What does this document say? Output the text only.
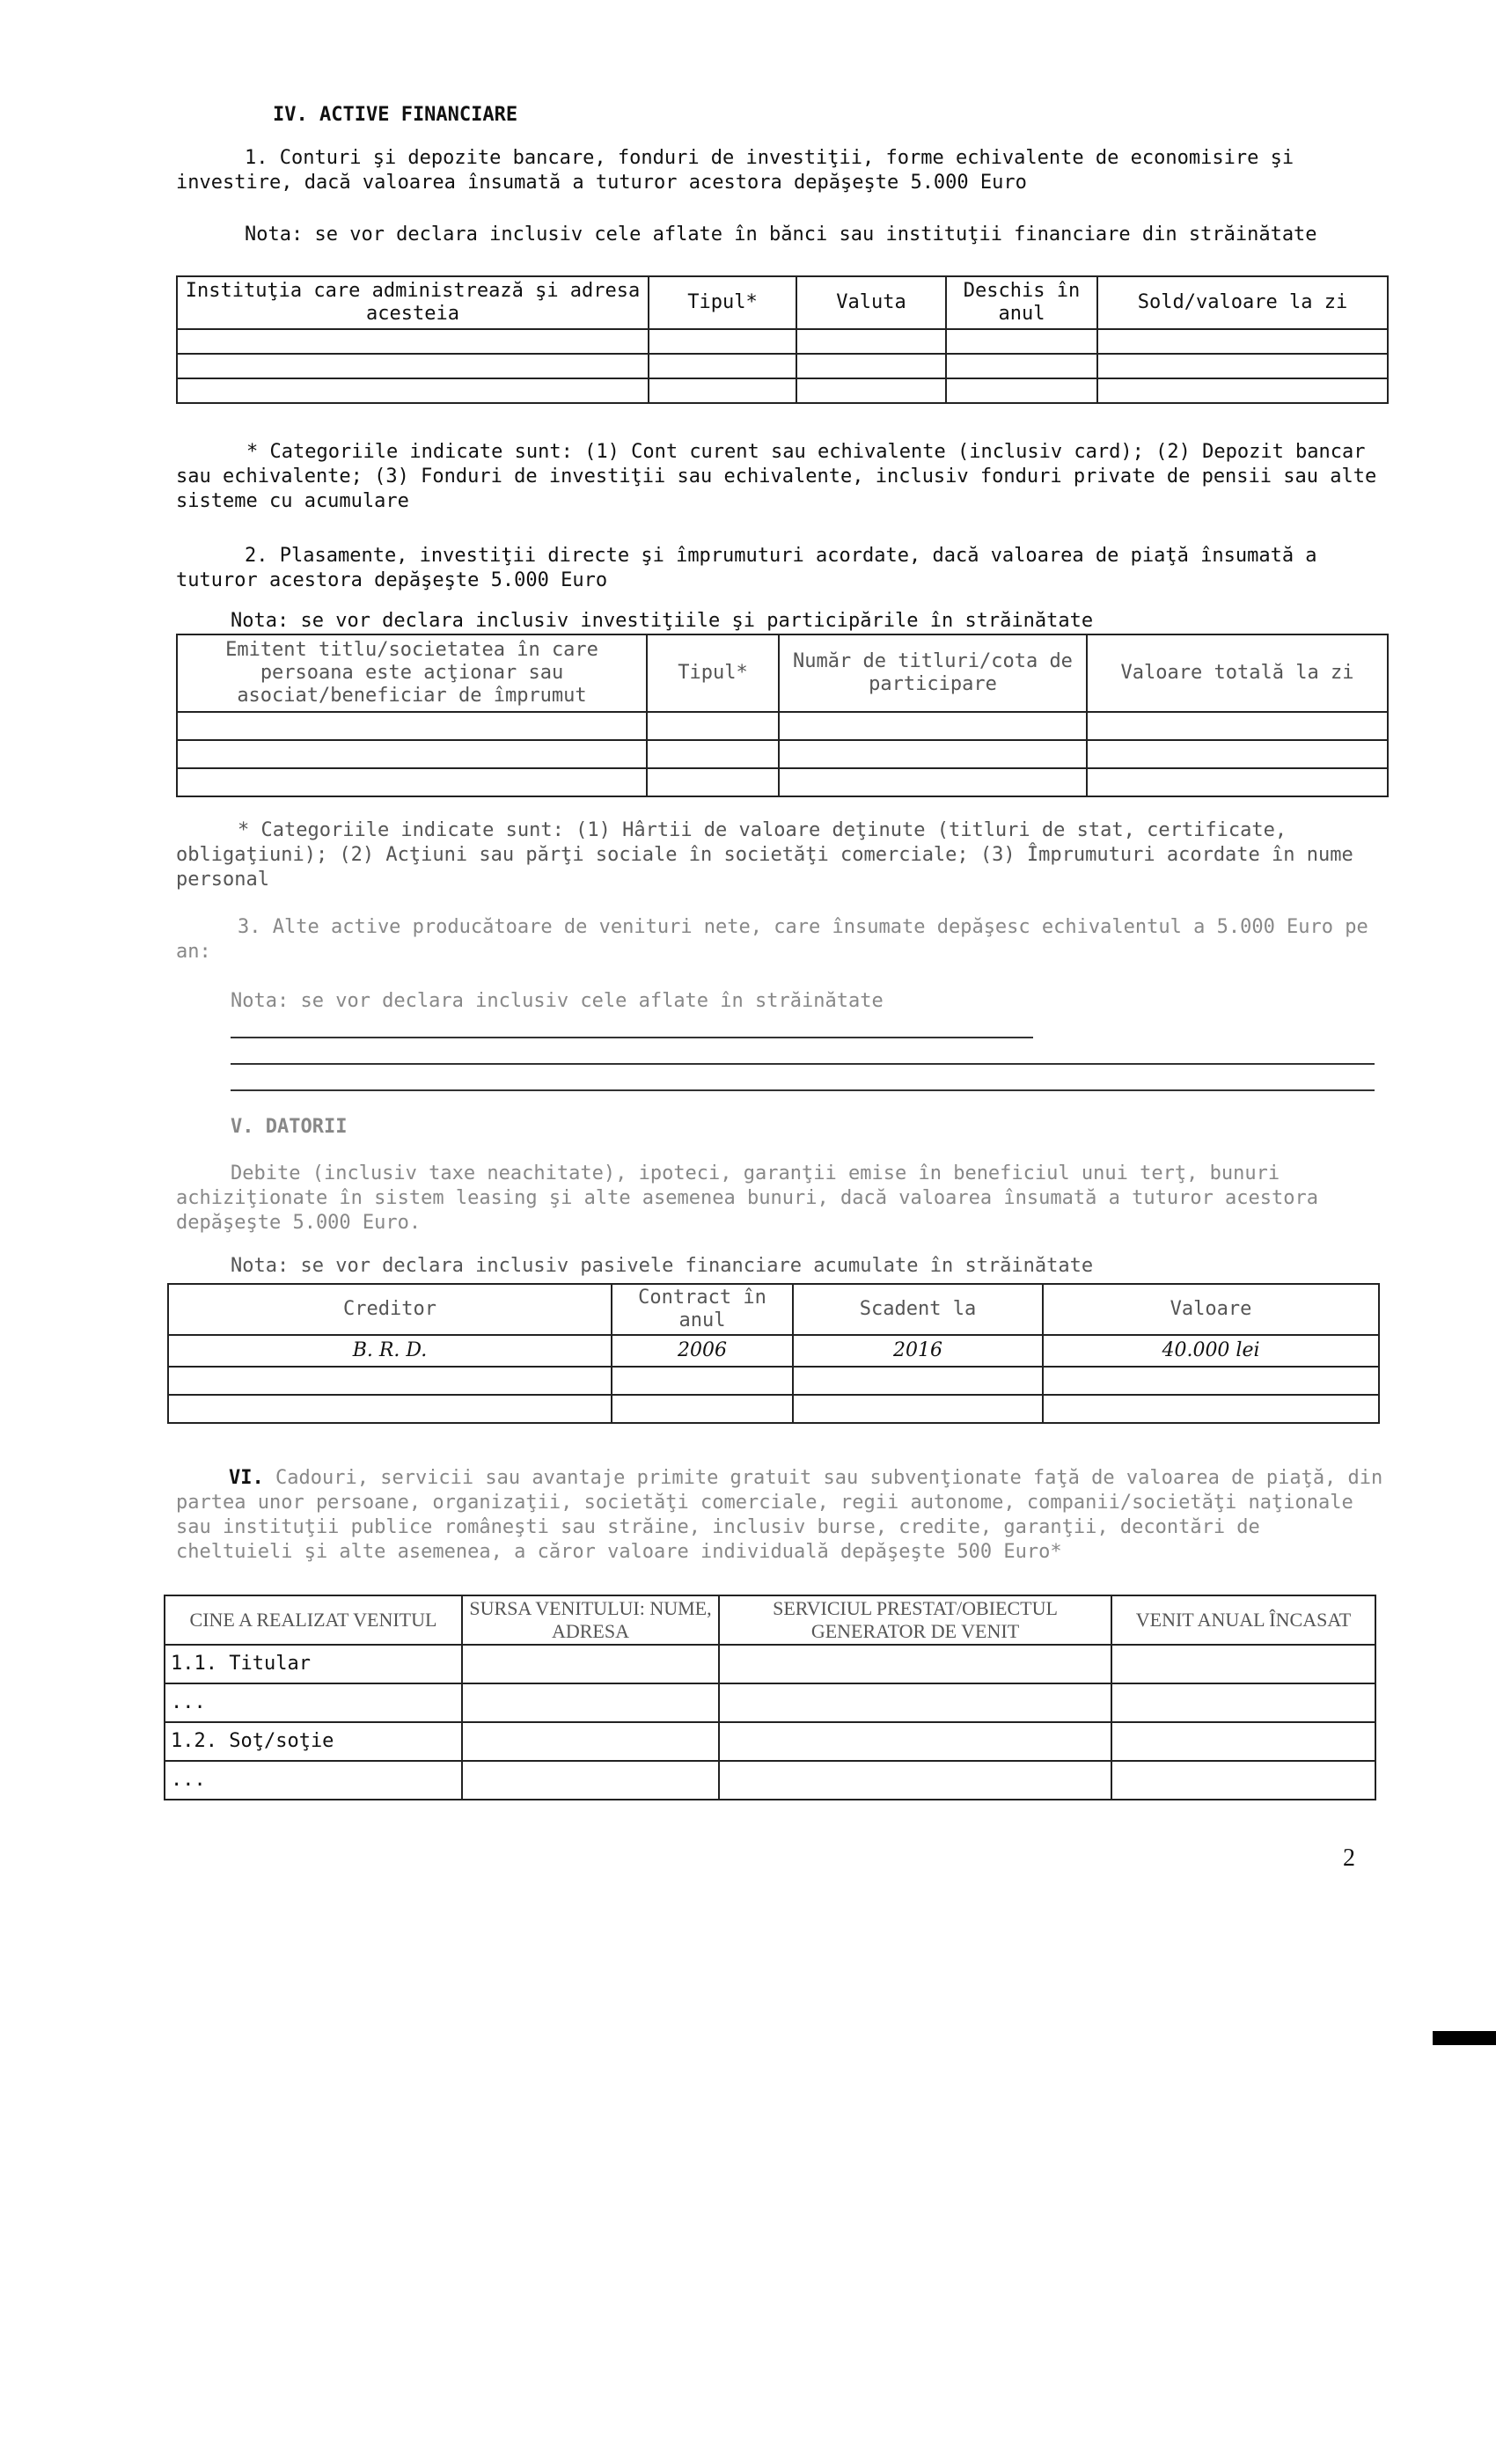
IV. ACTIVE FINANCIARE
1. Conturi şi depozite bancare, fonduri de investiţii, forme echivalente de economisire şi investire, dacă valoarea însumată a tuturor acestora depăşeşte 5.000 Euro
Nota: se vor declara inclusiv cele aflate în bănci sau instituţii financiare din străinătate
Instituţia care administrează şi adresa acesteia	Tipul*	Valuta	Deschis în anul	Sold/valoare la zi

* Categoriile indicate sunt: (1) Cont curent sau echivalente (inclusiv card); (2) Depozit bancar sau echivalente; (3) Fonduri de investiţii sau echivalente, inclusiv fonduri private de pensii sau alte sisteme cu acumulare
2. Plasamente, investiţii directe şi împrumuturi acordate, dacă valoarea de piaţă însumată a tuturor acestora depăşeşte 5.000 Euro
Nota: se vor declara inclusiv investiţiile şi participările în străinătate
Emitent titlu/societatea în care persoana este acţionar sau asociat/beneficiar de împrumut	Tipul*	Număr de titluri/cota de participare	Valoare totală la zi

* Categoriile indicate sunt: (1) Hârtii de valoare deţinute (titluri de stat, certificate, obligaţiuni); (2) Acţiuni sau părţi sociale în societăţi comerciale; (3) Împrumuturi acordate în nume personal
3. Alte active producătoare de venituri nete, care însumate depăşesc echivalentul a 5.000 Euro pe an:
Nota: se vor declara inclusiv cele aflate în străinătate
V. DATORII
Debite (inclusiv taxe neachitate), ipoteci, garanţii emise în beneficiul unui terţ, bunuri achiziţionate în sistem leasing şi alte asemenea bunuri, dacă valoarea însumată a tuturor acestora depăşeşte 5.000 Euro.
Nota: se vor declara inclusiv pasivele financiare acumulate în străinătate
Creditor	Contract în anul	Scadent la	Valoare
B. R. D.	2006	2016	40.000 lei

VI. Cadouri, servicii sau avantaje primite gratuit sau subvenţionate faţă de valoarea de piaţă, din partea unor persoane, organizaţii, societăţi comerciale, regii autonome, companii/societăţi naţionale sau instituţii publice româneşti sau străine, inclusiv burse, credite, garanţii, decontări de cheltuieli şi alte asemenea, a căror valoare individuală depăşeşte 500 Euro*
CINE A REALIZAT VENITUL	SURSA VENITULUI: NUME, ADRESA	SERVICIUL PRESTAT/OBIECTUL GENERATOR DE VENIT	VENIT ANUAL ÎNCASAT
1.1. Titular			
...			
1.2. Soţ/soţie			
...			
2
